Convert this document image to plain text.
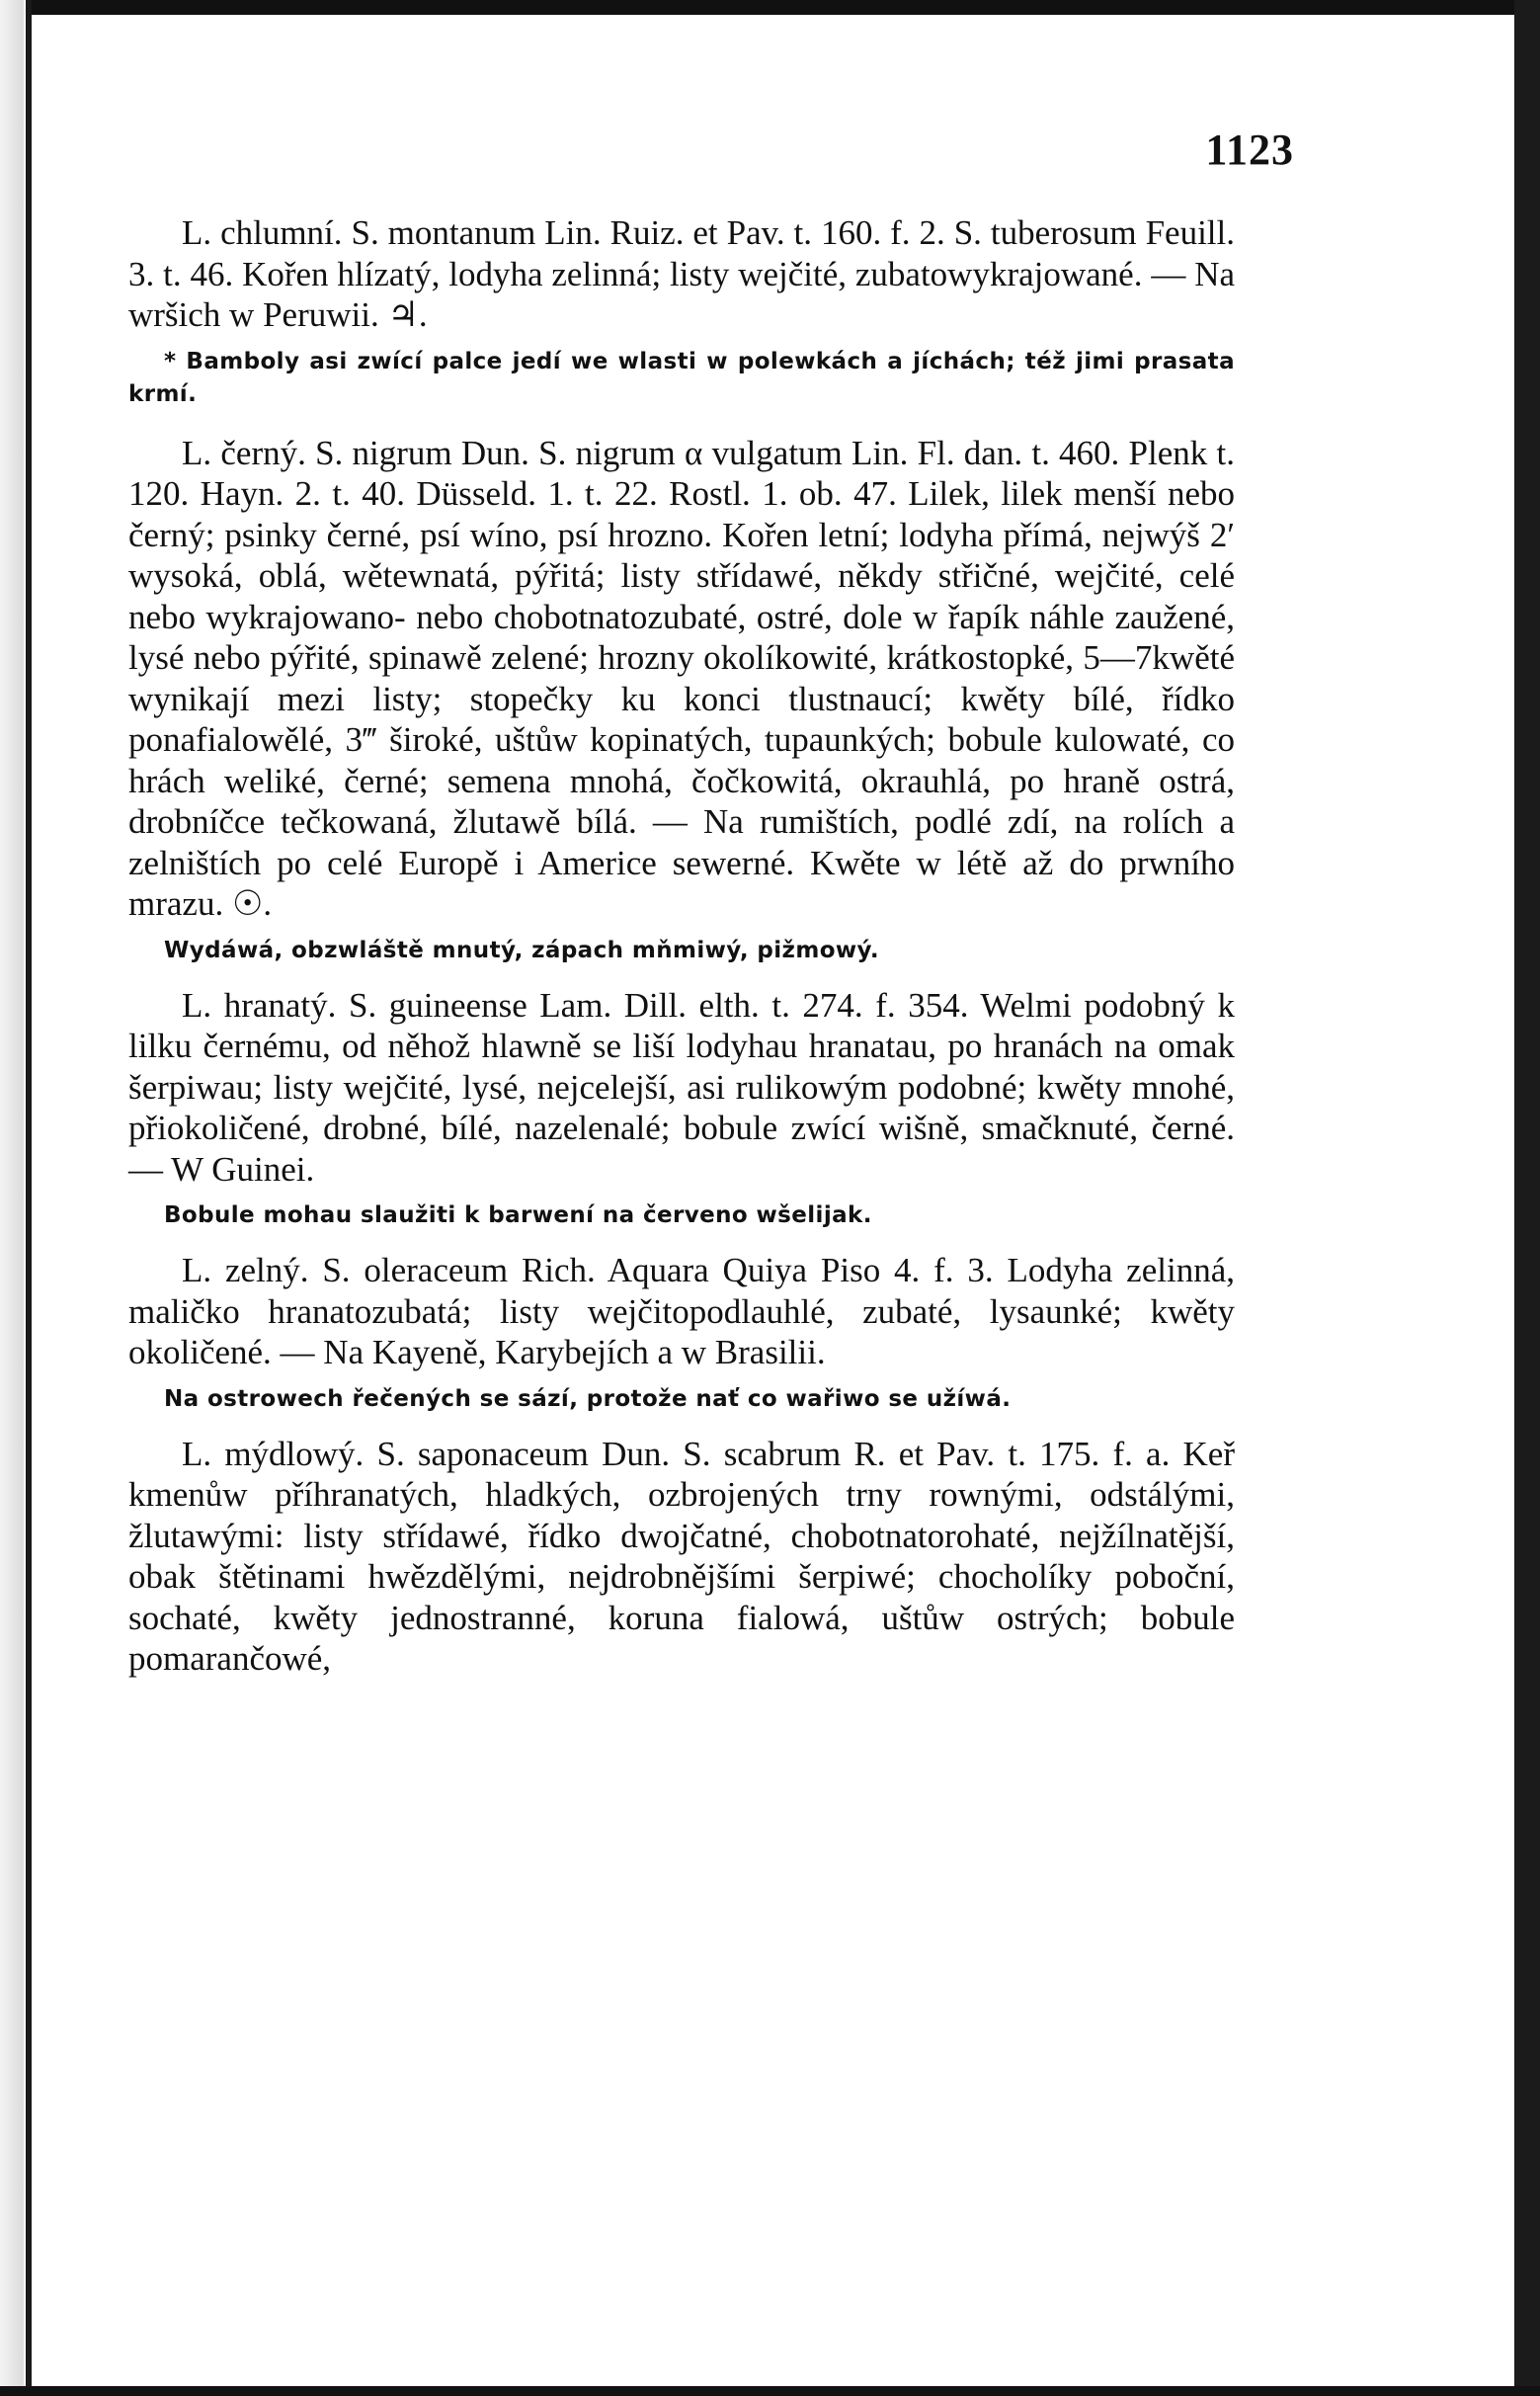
1123

L. chlumní. S. montanum Lin. Ruiz. et Pav. t. 160. f. 2. S. tuberosum Feuill. 3. t. 46. Kořen hlízatý, lodyha zelinná; listy wejčité, zubatowykrajowané. — Na wršich w Peruwii. ♃.

* Bamboly asi zwící palce jedí we wlasti w polewkách a jíchách; též jimi prasata krmí.

L. černý. S. nigrum Dun. S. nigrum α vulgatum Lin. Fl. dan. t. 460. Plenk t. 120. Hayn. 2. t. 40. Düsseld. 1. t. 22. Rostl. 1. ob. 47. Lilek, lilek menší nebo černý; psinky černé, psí wíno, psí hrozno. Kořen letní; lodyha přímá, nejwýš 2′ wysoká, oblá, wětewnatá, pýřitá; listy střídawé, někdy střičné, wejčité, celé nebo wykrajowano- nebo chobotnatozubaté, ostré, dole w řapík náhle zaužené, lysé nebo pýřité, spinawě zelené; hrozny okolíkowité, krátkostopké, 5—7kwěté wynikají mezi listy; stopečky ku konci tlustnaucí; kwěty bílé, řídko ponafialowělé, 3‴ široké, uštůw kopinatých, tupaunkých; bobule kulowaté, co hrách weliké, černé; semena mnohá, čočkowitá, okrauhlá, po hraně ostrá, drobníčce tečkowaná, žlutawě bílá. — Na rumištích, podlé zdí, na rolích a zelništích po celé Europě i Americe sewerné. Kwěte w létě až do prwního mrazu. ☉.

Wydáwá, obzwláště mnutý, zápach mňmiwý, pižmowý.

L. hranatý. S. guineense Lam. Dill. elth. t. 274. f. 354. Welmi podobný k lilku černému, od něhož hlawně se liší lodyhau hranatau, po hranách na omak šerpiwau; listy wejčité, lysé, nejcelejší, asi rulikowým podobné; kwěty mnohé, přiokoličené, drobné, bílé, nazelenalé; bobule zwící wišně, smačknuté, černé. — W Guinei.

Bobule mohau slaužiti k barwení na červeno wšelijak.

L. zelný. S. oleraceum Rich. Aquara Quiya Piso 4. f. 3. Lodyha zelinná, maličko hranatozubatá; listy wejčitopodlauhlé, zubaté, lysaunké; kwěty okoličené. — Na Kayeně, Karybejích a w Brasilii.

Na ostrowech řečených se sází, protože nať co wařiwo se užíwá.

L. mýdlowý. S. saponaceum Dun. S. scabrum R. et Pav. t. 175. f. a. Keř kmenůw příhranatých, hladkých, ozbrojených trny rownými, odstálými, žlutawými: listy střídawé, řídko dwojčatné, chobotnatorohaté, nejžílnatější, obak štětinami hwězdělými, nejdrobnějšími šerpiwé; chocholíky poboční, sochaté, kwěty jednostranné, koruna fialowá, uštůw ostrých; bobule pomarančowé,
